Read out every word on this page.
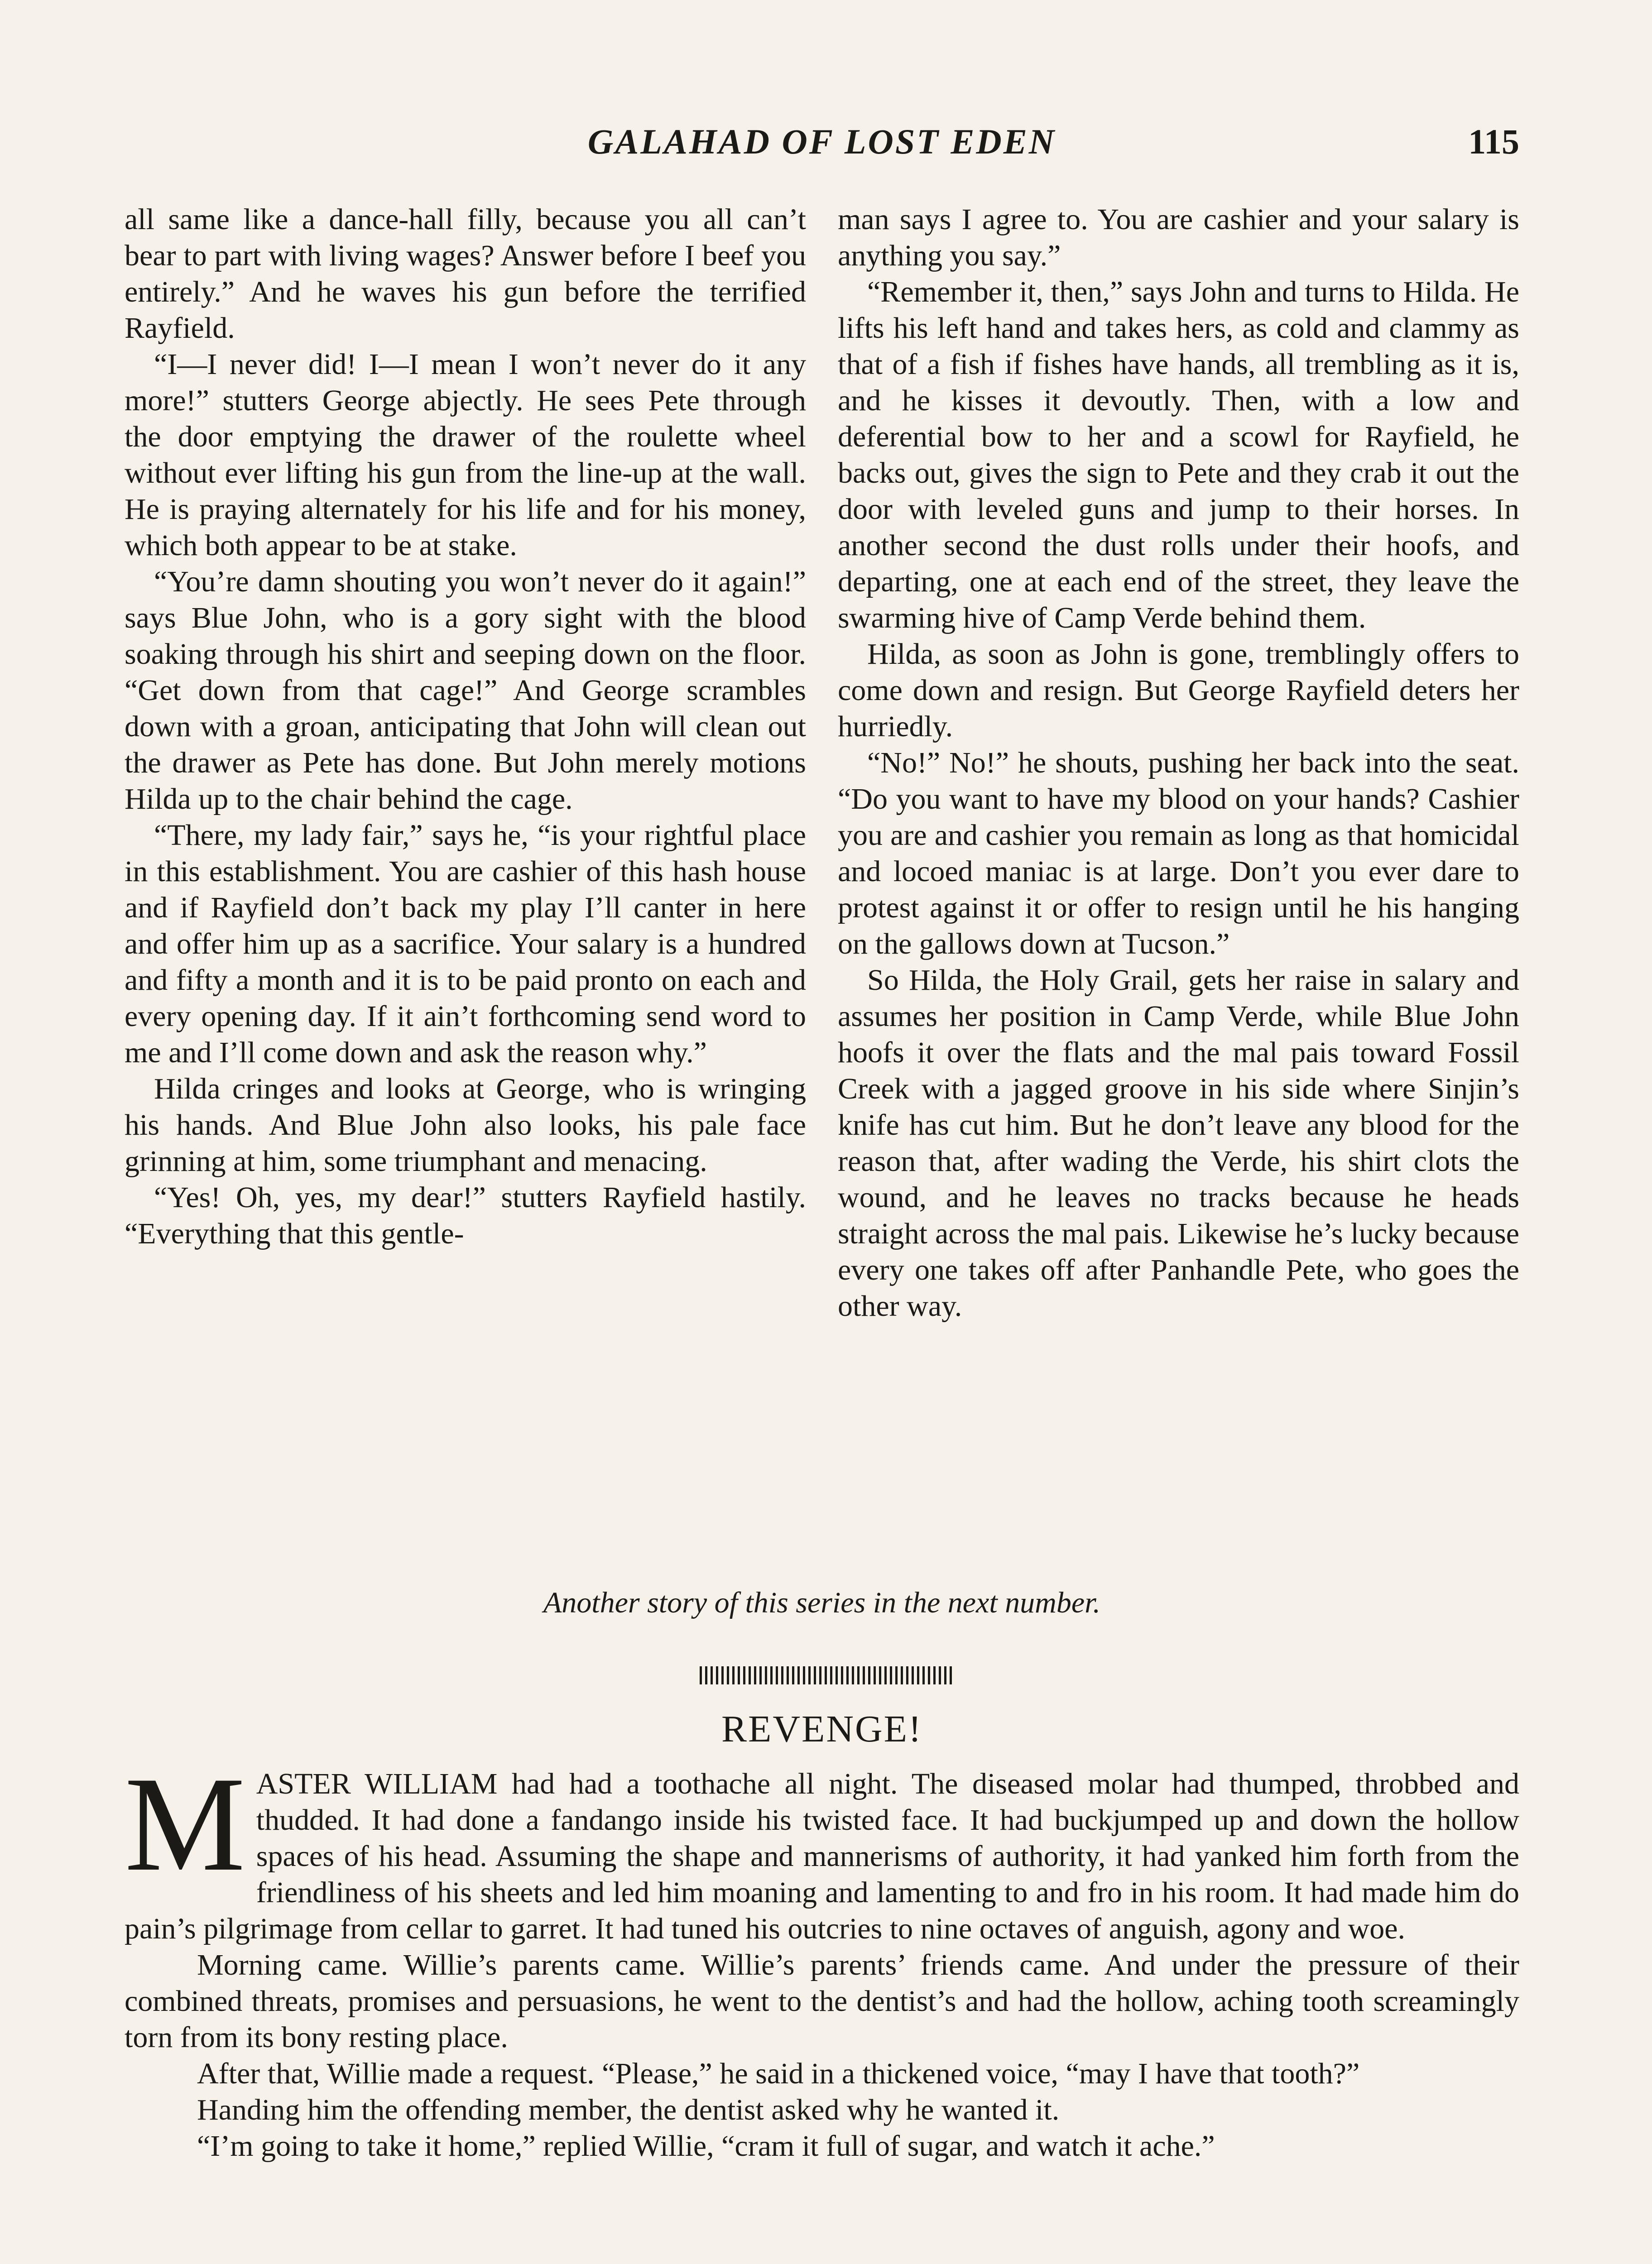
GALAHAD OF LOST EDEN	115

all same like a dance-hall filly, because you all can’t bear to part with living wages? Answer before I beef you entirely.” And he waves his gun before the terrified Rayfield.

“I—I never did! I—I mean I won’t never do it any more!” stutters George abjectly. He sees Pete through the door emptying the drawer of the roulette wheel without ever lifting his gun from the line-up at the wall. He is praying alternately for his life and for his money, which both appear to be at stake.

“You’re damn shouting you won’t never do it again!” says Blue John, who is a gory sight with the blood soaking through his shirt and seeping down on the floor. “Get down from that cage!” And George scrambles down with a groan, anticipating that John will clean out the drawer as Pete has done. But John merely motions Hilda up to the chair behind the cage.

“There, my lady fair,” says he, “is your rightful place in this establishment. You are cashier of this hash house and if Rayfield don’t back my play I’ll canter in here and offer him up as a sacrifice. Your salary is a hundred and fifty a month and it is to be paid pronto on each and every opening day. If it ain’t forthcoming send word to me and I’ll come down and ask the reason why.”

Hilda cringes and looks at George, who is wringing his hands. And Blue John also looks, his pale face grinning at him, some triumphant and menacing.

“Yes! Oh, yes, my dear!” stutters Rayfield hastily. “Everything that this gentle-

man says I agree to. You are cashier and your salary is anything you say.”

“Remember it, then,” says John and turns to Hilda. He lifts his left hand and takes hers, as cold and clammy as that of a fish if fishes have hands, all trembling as it is, and he kisses it devoutly. Then, with a low and deferential bow to her and a scowl for Rayfield, he backs out, gives the sign to Pete and they crab it out the door with leveled guns and jump to their horses. In another second the dust rolls under their hoofs, and departing, one at each end of the street, they leave the swarming hive of Camp Verde behind them.

Hilda, as soon as John is gone, tremblingly offers to come down and resign. But George Rayfield deters her hurriedly.

“No!” No!” he shouts, pushing her back into the seat. “Do you want to have my blood on your hands? Cashier you are and cashier you remain as long as that homicidal and locoed maniac is at large. Don’t you ever dare to protest against it or offer to resign until he his hanging on the gallows down at Tucson.”

So Hilda, the Holy Grail, gets her raise in salary and assumes her position in Camp Verde, while Blue John hoofs it over the flats and the mal pais toward Fossil Creek with a jagged groove in his side where Sinjin’s knife has cut him. But he don’t leave any blood for the reason that, after wading the Verde, his shirt clots the wound, and he leaves no tracks because he heads straight across the mal pais. Likewise he’s lucky because every one takes off after Panhandle Pete, who goes the other way.

Another story of this series in the next number.
REVENGE!

MASTER WILLIAM had had a toothache all night. The diseased molar had thumped, throbbed and thudded. It had done a fandango inside his twisted face. It had buckjumped up and down the hollow spaces of his head. Assuming the shape and mannerisms of authority, it had yanked him forth from the friendliness of his sheets and led him moaning and lamenting to and fro in his room. It had made him do pain’s pilgrimage from cellar to garret. It had tuned his outcries to nine octaves of anguish, agony and woe.

Morning came. Willie’s parents came. Willie’s parents’ friends came. And under the pressure of their combined threats, promises and persuasions, he went to the dentist’s and had the hollow, aching tooth screamingly torn from its bony resting place.

After that, Willie made a request. “Please,” he said in a thickened voice, “may I have that tooth?”

Handing him the offending member, the dentist asked why he wanted it.

“I’m going to take it home,” replied Willie, “cram it full of sugar, and watch it ache.”
